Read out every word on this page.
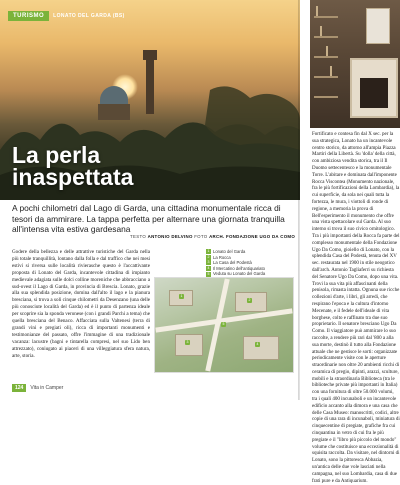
TURISMO	LONATO DEL GARDA (BS)
La perla
inaspettata
A pochi chilometri dal Lago di Garda, una cittadina monumentale ricca di tesori da ammirare. La tappa perfetta per alternare una giornata tranquilla all'intensa vita estiva gardesana
TESTO ANTONIO DELVINO FOTO ARCH. FONDAZIONE UGO DA COMO
Godere della bellezza e delle attrattive turistiche del Garda nella più totale tranquillità, lontano dalla folla e dal traffico che nei mesi estivi si riversa sulle località rivierasche questo è l'accattivante proposta di Lonato del Garda, incantevole cittadina di impianto medievale adagiata sulle dolci colline moreniche che abbracciano a sud-ovest il Lago di Garda, in provincia di Brescia. Lonato, grazie alla sua splendida posizione, domina dall'alto il lago e la pianura bresciana, si trova a soli cinque chilometri da Desenzano (una delle più conosciute località del Garda) ed è il punto di partenza ideale per scoprire sia la sponda veronese (con i grandi Parchi a tema) che quella bresciana del Benaco. Affacciata sulla Valtenesi (terra di grandi vini e pregiati oli), ricca di importanti monumenti e testimonianze del passato, offre l'immagine di una tradizionale vacanza: lacustre (bagni e tintarella compresi, nel suo Lido ben attrezzato), coniugato ai piaceri di una villeggiatura sfera natura, arte, storia.
1 Lonato del Garda
2 La Rocca
3 La Casa del Podestà
4 Il Mercatino dell'antiquariato
5 Veduta su Lonato del Garda
1
2
3	4
5
124	Vita in Camper
Fortificato e contesa fin dal X sec. per la sua strategica, Lonato ha un incantevole centro storico, da attorno all'ampia Piazza Martiri della Libertà. Su 'dolla' della città, con ambiziosa vendita storica, tra il Il Duomo settecentesco e la monumentale Torre. L'abitare e dominata dall'imponente Rocca Viscontea (Monumento nazionale, fra le più fortificazioni della Lombardia), la cui superficie, da sola nei quali tutta la fortezza, le mura, i viottoli di ronde di regione, a memoria la prova di Bell'esperimento il monumento che offre una vista spettacolare sul Garda. Al suo interno si trova il suo civico ornitologico. Tra i più importanti della Rocca fa parte del complesso monumentale della Fondazione Ugo Da Como, gioiello di Lonato, con la splendida Casa del Podestà, tenuta del XV sec. restaurata nel 1900 in stile neogotico dall'arch. Antonio Tagliaferri su richiesta del Senatore Ugo Da Como, dopo una vita. Trovi la sua vita più affascinanti della penisola, rimasta intatta. Ognuna sue ricche collezioni d'arte, i libri, gli arredi, che respirano l'epoca e la cultura d'intorno Mecenate, e il fedele dell'ideale di vita borghese, colto e raffinato tra due suo proprietario. Il senatore bresciano Ugo Da Como. Il viaggiatore può ammirare lo suo raccolte, a rendere più rari dal '800 a alla sua morte, destinò il tutto alla Fondazione attuale che ne gestisce le sorti: organizzate periodicamente visite con le aperture straordinarie non oltre 20 ambienti ricchi di ceramica di pregio, dipinti, arazzi, sculture, mobili e la straordinaria Biblioteca (tra le biblioteche private più importanti in Italia) con una fornitura di oltre 50.000 volumi, tra i quali 400 incunaboli e un incantevole edificio accanto alla dimora e una casa che delle Casa Museo: manoscritti, codici, altre copie di una rara di incunaboli, miniatura di cinquecentine di pregiate, grafiche fra cui cinquantina in vetro di cui fra le più pregiate e il "libro più piccolo del mondo" volume che costituisce una eccezionalità di squisita raccolta. Da visitare, nel dintorni di Lonato, sono la pittoresca Abbazia, un'antica delle due vole lasciati nella campagna, nel suo Lombardia, casa di due frati pure e da Antiquarium.
